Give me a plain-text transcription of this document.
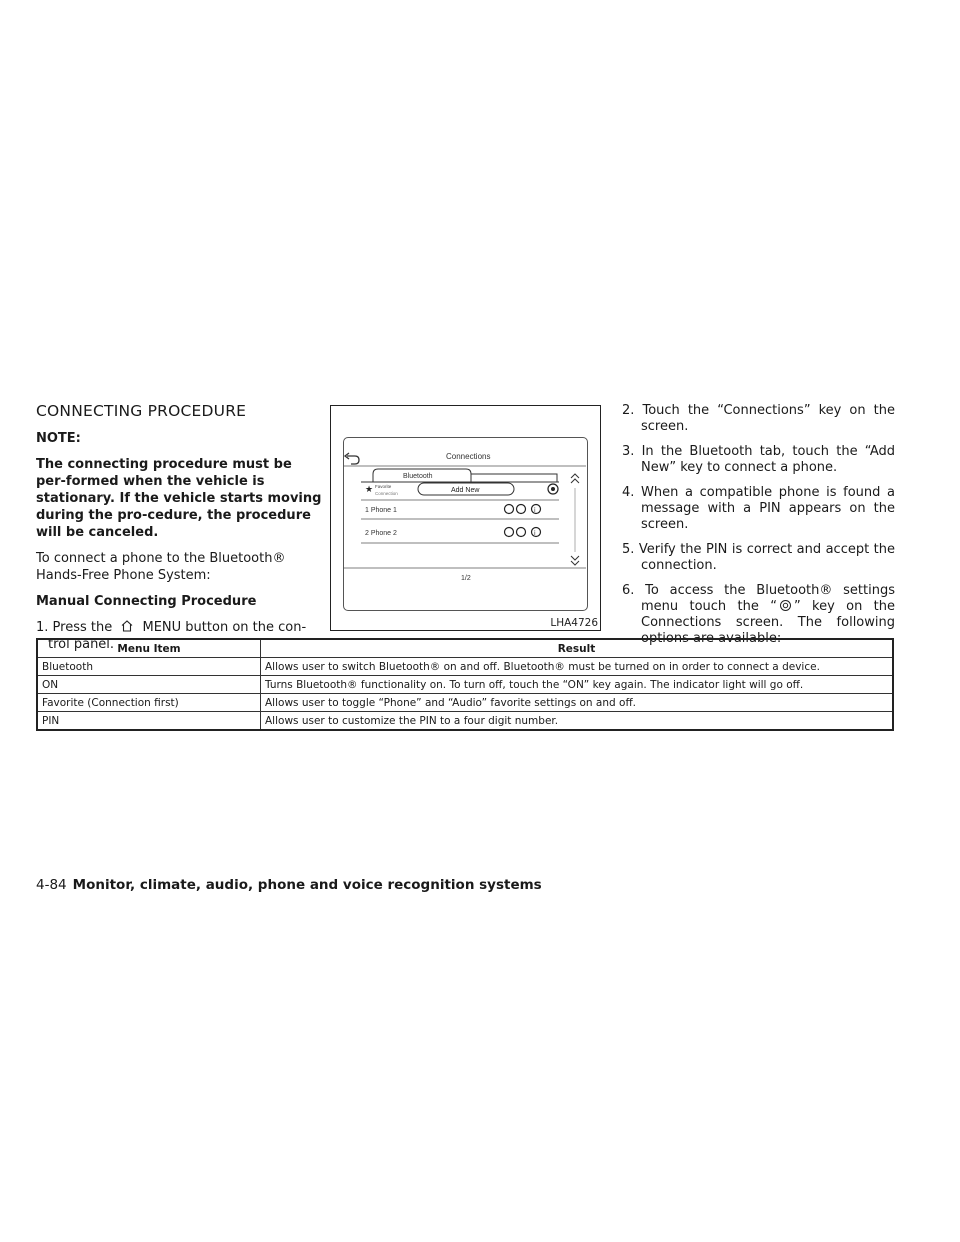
CONNECTING PROCEDURE

NOTE:

The connecting procedure must be per-formed when the vehicle is stationary. If the vehicle starts moving during the pro-cedure, the procedure will be canceled.

To connect a phone to the Bluetooth® Hands-Free Phone System:

Manual Connecting Procedure

1. Press the MENU button on the con-trol panel.

Connections
Bluetooth
★ Favorite
Connection	Add New
1 Phone 1	i
2 Phone 2	i
1/2
LHA4726

2. Touch the “Connections” key on the screen.

3. In the Bluetooth tab, touch the “Add New” key to connect a phone.

4. When a compatible phone is found a message with a PIN appears on the screen.

5. Verify the PIN is correct and accept the connection.

6. To access the Bluetooth® settings menu touch the “ ” key on the Connections screen. The following options are available:

Menu Item	Result
Bluetooth	Allows user to switch Bluetooth® on and off. Bluetooth® must be turned on in order to connect a device.
ON	Turns Bluetooth® functionality on. To turn off, touch the “ON” key again. The indicator light will go off.
Favorite (Connection first)	Allows user to toggle “Phone” and “Audio” favorite settings on and off.
PIN	Allows user to customize the PIN to a four digit number.
4-84 Monitor, climate, audio, phone and voice recognition systems
